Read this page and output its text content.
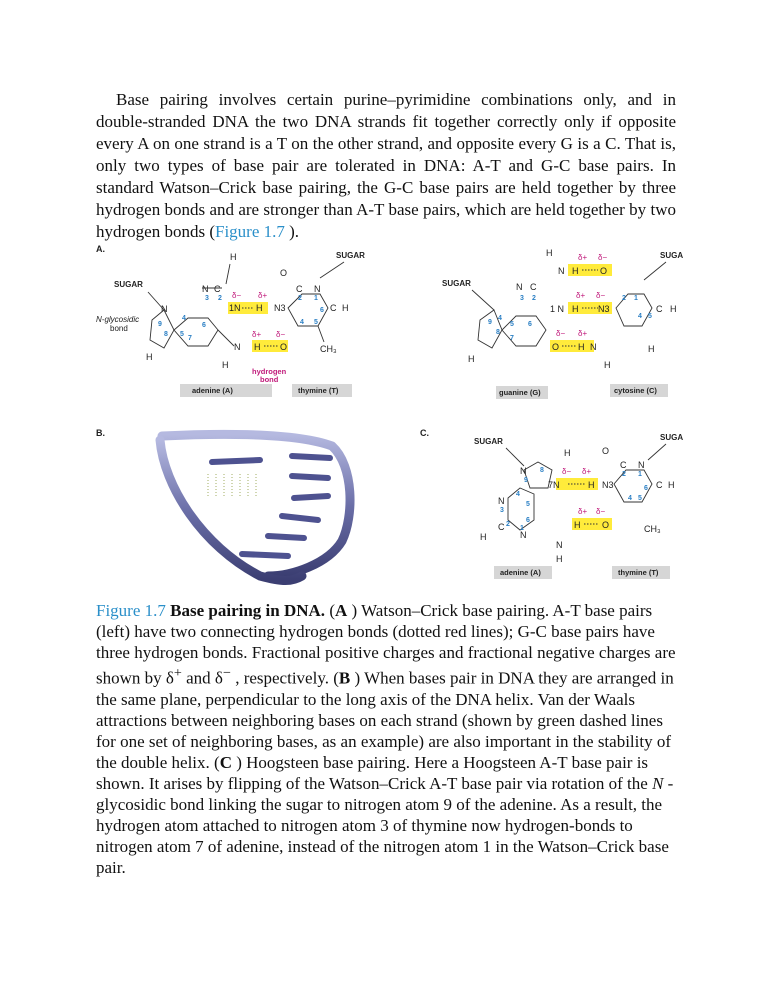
Base pairing involves certain purine–pyrimidine combinations only, and in double-stranded DNA the two DNA strands fit together correctly only if opposite every A on one strand is a T on the other strand, and opposite every G is a C. That is, only two types of base pair are tolerated in DNA: A-T and G-C base pairs. In standard Watson–Crick base pairing, the G-C base pairs are held together by three hydrogen bonds and are stronger than A-T base pairs, which are held together by two hydrogen bonds (Figure 1.7 ).

A.
SUGAR
SUGAR
N-glycosidic
bond
N
N C
H
3 2
6
4
5
9
8
7
H
1N H N3
δ− δ+
δ+ δ−
N H O
H
O
C N
2 1
6
4 5
C H
CH₃
hydrogen
bond
adenine (A)	thymine (T)
SUGAR
SUGA
H
N C
3 2
5 6
4
9
8
7
H
δ+ δ−
N H O
δ+ δ−
1 N H N3
δ− δ+
O H N
H
2 1
4 5
C H
H
guanine (G)	cytosine (C)
B.	C.
SUGAR	SUGA
H
N
9
8
4
5
N
3
C 2
6
N
1
H
N
H
δ− δ+
7N	H N3
δ+ δ−
H O
O
C N
2 1
6
4 5
C H
CH₃
adenine (A)	thymine (T)

Figure 1.7 Base pairing in DNA. (A ) Watson–Crick base pairing. A-T base pairs (left) have two connecting hydrogen bonds (dotted red lines); G-C base pairs have three hydrogen bonds. Fractional positive charges and fractional negative charges are shown by δ+ and δ− , respectively. (B ) When bases pair in DNA they are arranged in the same plane, perpendicular to the long axis of the DNA helix. Van der Waals attractions between neighboring bases on each strand (shown by green dashed lines for one set of neighboring bases, as an example) are also important in the stability of the double helix. (C ) Hoogsteen base pairing. Here a Hoogsteen A-T base pair is shown. It arises by flipping of the Watson–Crick A-T base pair via rotation of the N -glycosidic bond linking the sugar to nitrogen atom 9 of the adenine. As a result, the hydrogen atom attached to nitrogen atom 3 of thymine now hydrogen-bonds to nitrogen atom 7 of adenine, instead of the nitrogen atom 1 in the Watson–Crick base pair.
